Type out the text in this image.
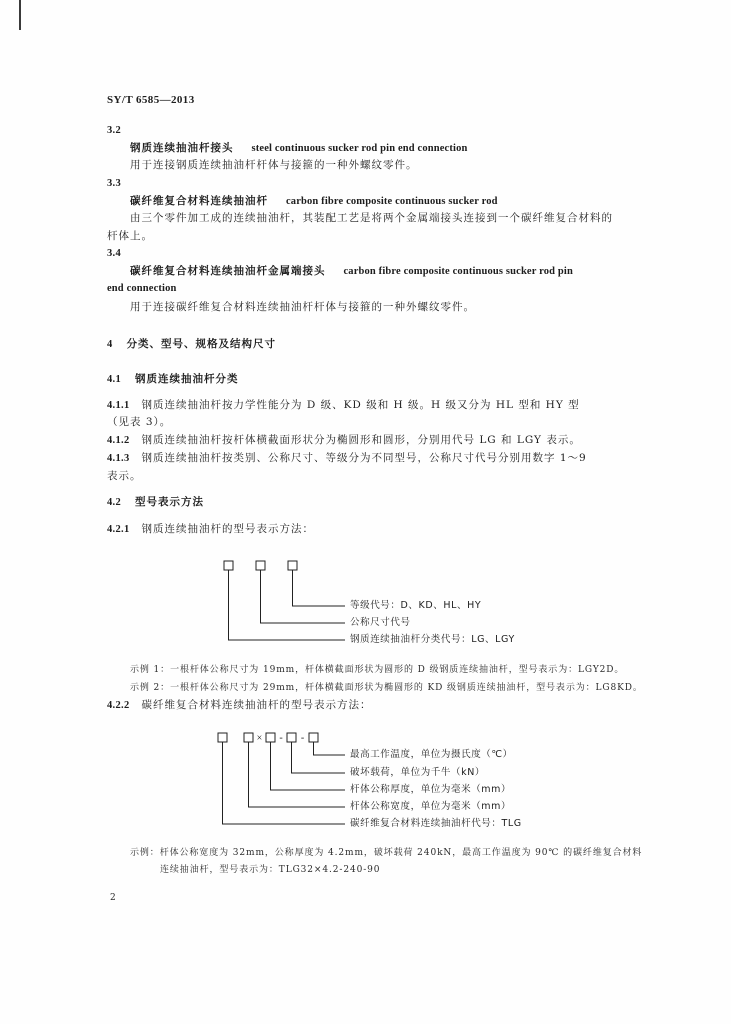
SY/T 6585—2013
3.2
钢质连续抽油杆接头 steel continuous sucker rod pin end connection
用于连接钢质连续抽油杆杆体与接箍的一种外螺纹零件。
3.3
碳纤维复合材料连续抽油杆 carbon fibre composite continuous sucker rod
由三个零件加工成的连续抽油杆，其装配工艺是将两个金属端接头连接到一个碳纤维复合材料的
杆体上。
3.4
碳纤维复合材料连续抽油杆金属端接头 carbon fibre composite continuous sucker rod pin
end connection
用于连接碳纤维复合材料连续抽油杆杆体与接箍的一种外螺纹零件。
4 分类、型号、规格及结构尺寸
4.1 钢质连续抽油杆分类
4.1.1 钢质连续抽油杆按力学性能分为 D 级、KD 级和 H 级。H 级又分为 HL 型和 HY 型
（见表 3）。
4.1.2 钢质连续抽油杆按杆体横截面形状分为椭圆形和圆形，分别用代号 LG 和 LGY 表示。
4.1.3 钢质连续抽油杆按类别、公称尺寸、等级分为不同型号，公称尺寸代号分别用数字 1～9
表示。
4.2 型号表示方法
4.2.1 钢质连续抽油杆的型号表示方法：
等级代号：D、KD、HL、HY
公称尺寸代号
钢质连续抽油杆分类代号：LG、LGY
示例 1：一根杆体公称尺寸为 19mm，杆体横截面形状为圆形的 D 级钢质连续抽油杆，型号表示为：LGY2D。
示例 2：一根杆体公称尺寸为 29mm，杆体横截面形状为椭圆形的 KD 级钢质连续抽油杆，型号表示为：LG8KD。
4.2.2 碳纤维复合材料连续抽油杆的型号表示方法：
× - -
最高工作温度，单位为摄氏度（℃）
破坏载荷，单位为千牛（kN）
杆体公称厚度，单位为毫米（mm）
杆体公称宽度，单位为毫米（mm）
碳纤维复合材料连续抽油杆代号：TLG
示例：杆体公称宽度为 32mm，公称厚度为 4.2mm，破坏载荷 240kN，最高工作温度为 90℃ 的碳纤维复合材料
连续抽油杆，型号表示为：TLG32×4.2-240-90
2
